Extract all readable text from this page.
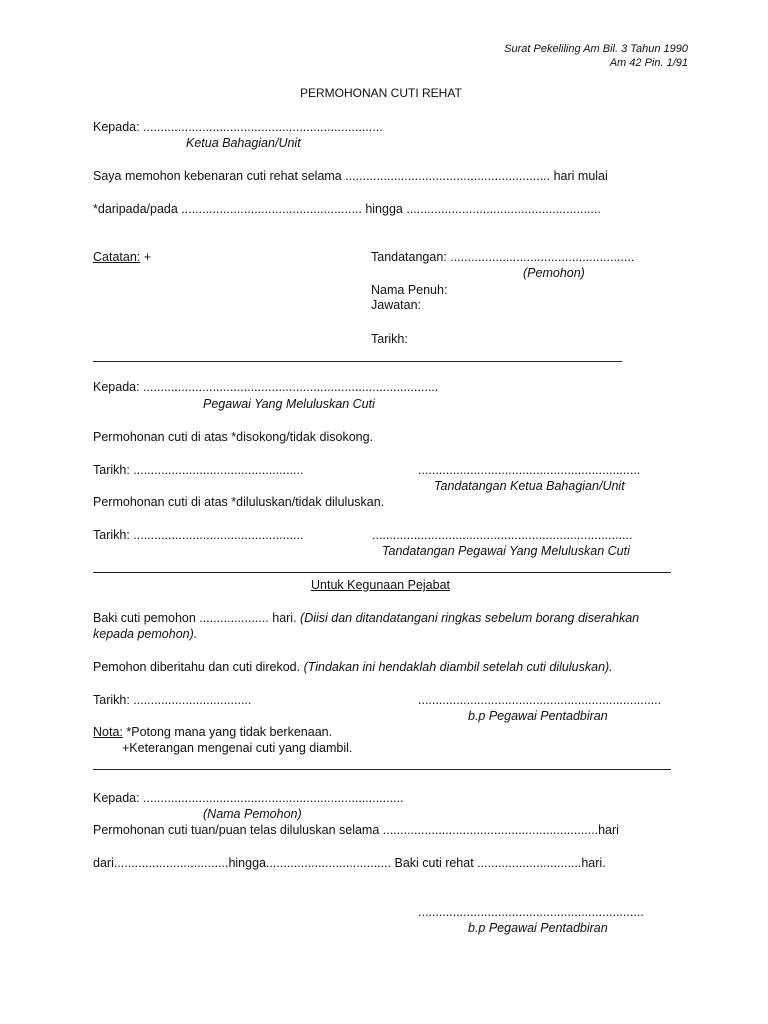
Surat Pekeliling Am Bil. 3 Tahun 1990
Am 42 Pin. 1/91
PERMOHONAN CUTI REHAT
Kepada: .....................................................................
Ketua Bahagian/Unit
Saya memohon kebenaran cuti rehat selama ........................................................... hari mulai
*daripada/pada .................................................... hingga ........................................................
Catatan: +	Tandatangan: .....................................................
(Pemohon)
Nama Penuh:
Jawatan:
Tarikh:
Kepada: .....................................................................................
Pegawai Yang Meluluskan Cuti
Permohonan cuti di atas *disokong/tidak disokong.
Tarikh: .................................................	................................................................
Tandatangan Ketua Bahagian/Unit
Permohonan cuti di atas *diluluskan/tidak diluluskan.
Tarikh: .................................................	...........................................................................
Tandatangan Pegawai Yang Meluluskan Cuti
Untuk Kegunaan Pejabat
Baki cuti pemohon .................... hari. (Diisi dan ditandatangani ringkas sebelum borang diserahkan
kepada pemohon).
Pemohon diberitahu dan cuti direkod. (Tindakan ini hendaklah diambil setelah cuti diluluskan).
Tarikh: ..................................	......................................................................
b.p Pegawai Pentadbiran
Nota: *Potong mana yang tidak berkenaan.
+Keterangan mengenai cuti yang diambil.
Kepada: ...........................................................................
(Nama Pemohon)
Permohonan cuti tuan/puan telas diluluskan selama ..............................................................hari
dari.................................hingga.................................... Baki cuti rehat ..............................hari.
.................................................................
b.p Pegawai Pentadbiran
